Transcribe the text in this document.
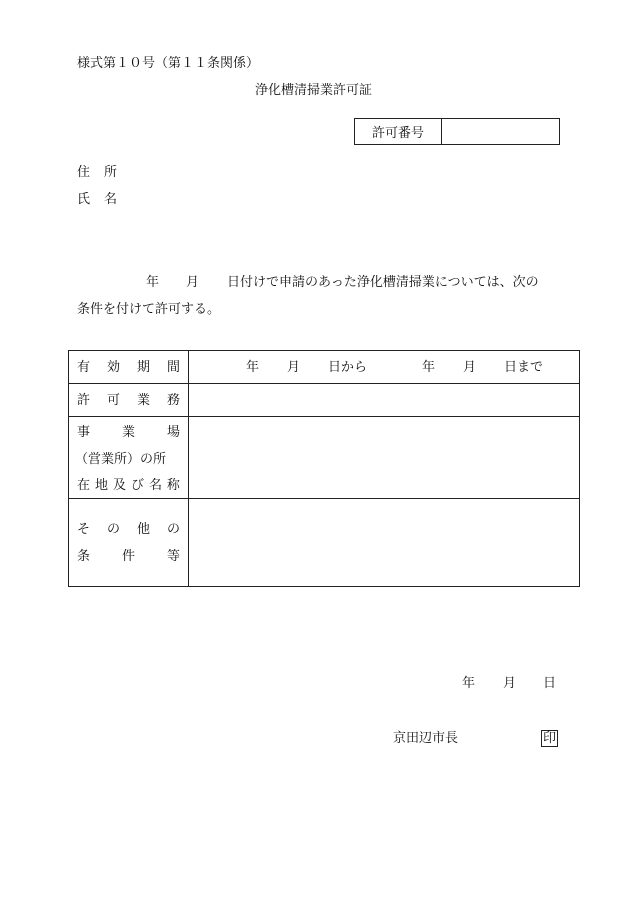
様式第１０号（第１１条関係）
浄化槽清掃業許可証
許可番号
住 所
氏 名
年 月 日付けで申請のあった浄化槽清掃業については、次の
条件を付けて許可する。
有 効 期 間	年 月 日から	年 月 日まで
許 可 業 務
事 業 場
（営業所）の所
在 地 及 び 名 称
そ の 他 の
条 件 等
年 月 日
京田辺市長	印
